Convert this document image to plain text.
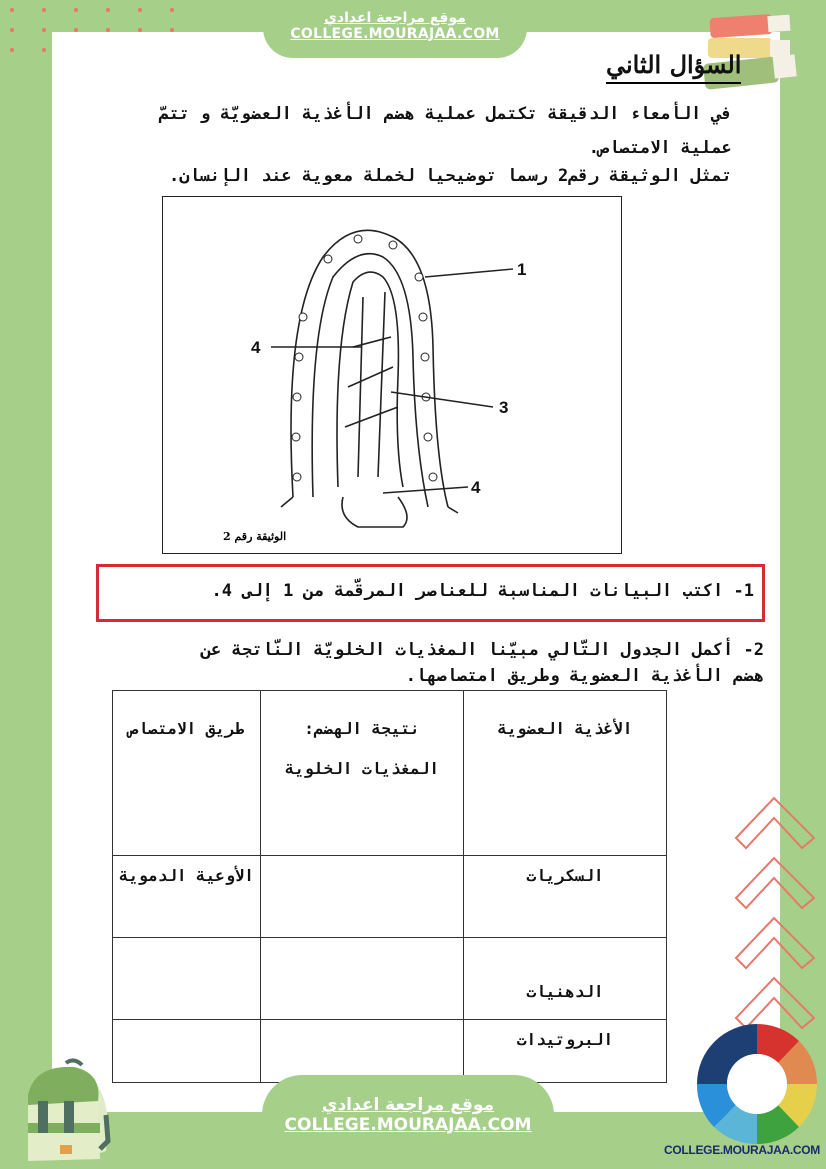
موقع مراجعة اعدادي
COLLEGE.MOURAJAA.COM
السؤال الثاني
في الأمعاء الدقيقة تكتمل عملية هضم الأغذية العضويّة و تتمّ
عملية الامتصاص.
تمثل الوثيقة رقم2 رسما توضيحيا لخملة معوية عند الإنسان.
1
4
3
4
الوثيقة رقم 2
1- اكتب البيانات المناسبة للعناصر المرقّمة من 1 إلى 4.
2- أكمل الجدول التّالي مبيّنا المغذيات الخلويّة النّاتجة عن
هضم الأغذية العضوية وطريق امتصاصها.
الأغذية العضوية	نتيجة الهضم: المغذيات الخلوية	طريق الامتصاص
السكريات		الأوعية الدموية
الدهنيات		
البروتيدات		
COLLEGE.MOURAJAA.COM
موقع مراجعة اعدادي
COLLEGE.MOURAJAA.COM
